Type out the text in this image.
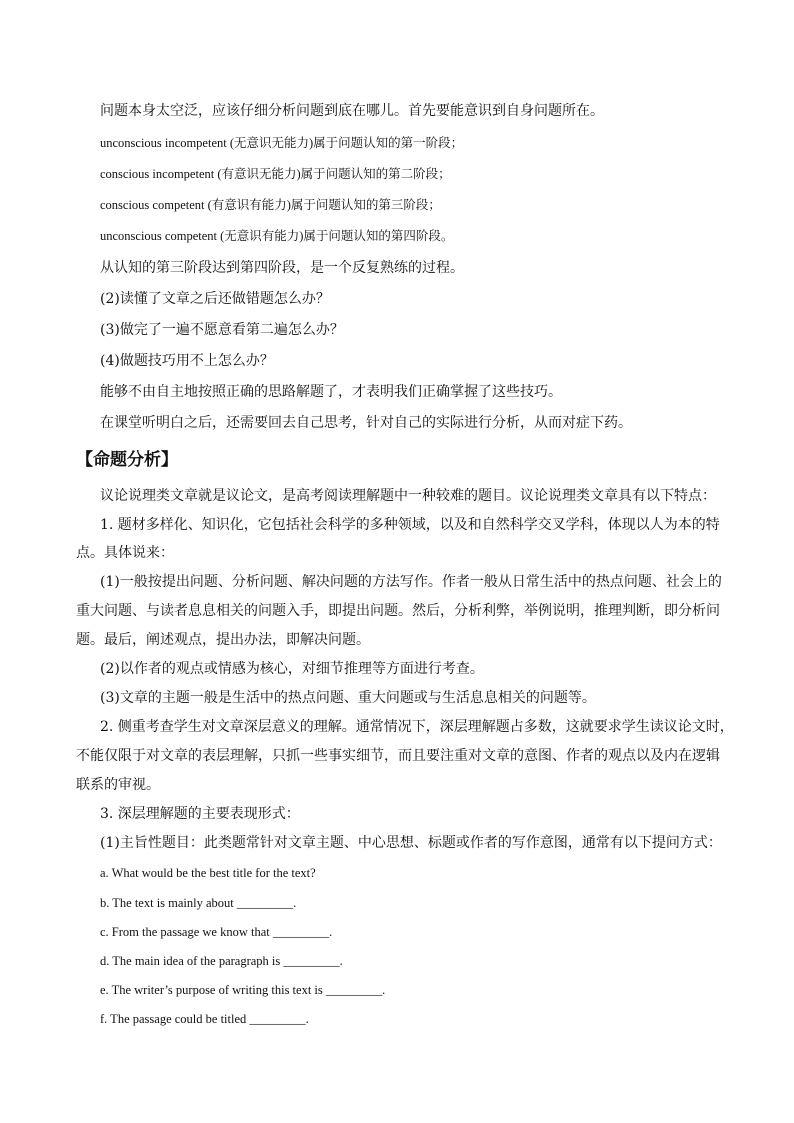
问题本身太空泛，应该仔细分析问题到底在哪儿。首先要能意识到自身问题所在。
unconscious incompetent (无意识无能力)属于问题认知的第一阶段；
conscious incompetent (有意识无能力)属于问题认知的第二阶段；
conscious competent (有意识有能力)属于问题认知的第三阶段；
unconscious competent (无意识有能力)属于问题认知的第四阶段。
从认知的第三阶段达到第四阶段，是一个反复熟练的过程。
(2)读懂了文章之后还做错题怎么办？
(3)做完了一遍不愿意看第二遍怎么办？
(4)做题技巧用不上怎么办？
能够不由自主地按照正确的思路解题了，才表明我们正确掌握了这些技巧。
在课堂听明白之后，还需要回去自己思考，针对自己的实际进行分析，从而对症下药。
【命题分析】
议论说理类文章就是议论文，是高考阅读理解题中一种较难的题目。议论说理类文章具有以下特点：
1. 题材多样化、知识化，它包括社会科学的多种领域，以及和自然科学交叉学科，体现以人为本的特
点。具体说来：
(1)一般按提出问题、分析问题、解决问题的方法写作。作者一般从日常生活中的热点问题、社会上的
重大问题、与读者息息相关的问题入手，即提出问题。然后，分析利弊，举例说明，推理判断，即分析问
题。最后，阐述观点，提出办法，即解决问题。
(2)以作者的观点或情感为核心，对细节推理等方面进行考查。
(3)文章的主题一般是生活中的热点问题、重大问题或与生活息息相关的问题等。
2. 侧重考查学生对文章深层意义的理解。通常情况下，深层理解题占多数，这就要求学生读议论文时，
不能仅限于对文章的表层理解，只抓一些事实细节，而且要注重对文章的意图、作者的观点以及内在逻辑
联系的审视。
3. 深层理解题的主要表现形式：
(1)主旨性题目：此类题常针对文章主题、中心思想、标题或作者的写作意图，通常有以下提问方式：
a. What would be the best title for the text?
b. The text is mainly about _________.
c. From the passage we know that _________.
d. The main idea of the paragraph is _________.
e. The writer’s purpose of writing this text is _________.
f. The passage could be titled _________.
